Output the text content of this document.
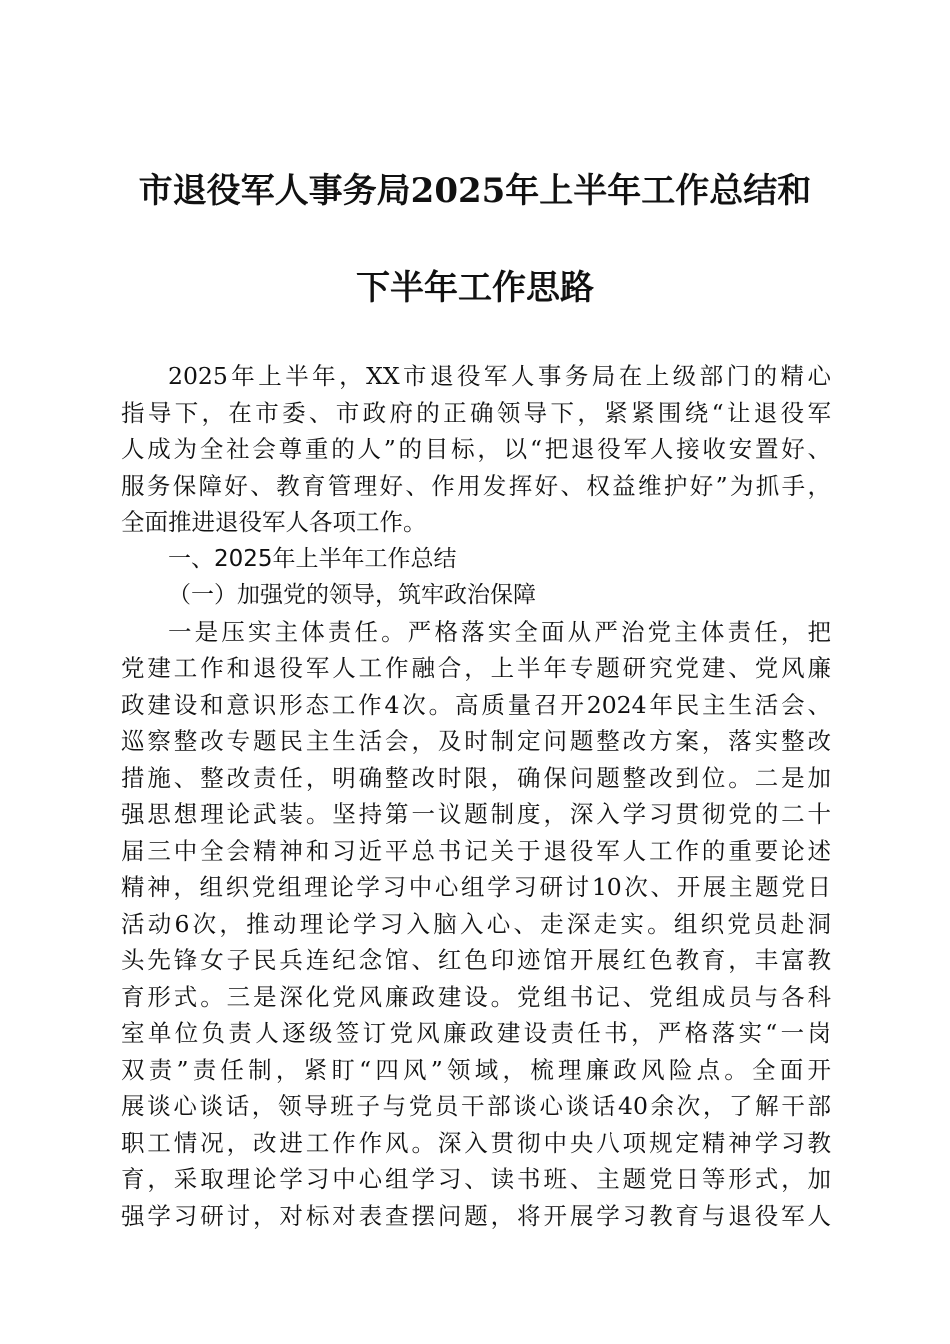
市退役军人事务局2025年上半年工作总结和
下半年工作思路
2025年上半年，XX市退役军人事务局在上级部门的精心
指导下，在市委、市政府的正确领导下，紧紧围绕“让退役军
人成为全社会尊重的人”的目标，以“把退役军人接收安置好、
服务保障好、教育管理好、作用发挥好、权益维护好”为抓手，
全面推进退役军人各项工作。
一、2025年上半年工作总结
（一）加强党的领导，筑牢政治保障
一是压实主体责任。严格落实全面从严治党主体责任，把
党建工作和退役军人工作融合，上半年专题研究党建、党风廉
政建设和意识形态工作4次。高质量召开2024年民主生活会、
巡察整改专题民主生活会，及时制定问题整改方案，落实整改
措施、整改责任，明确整改时限，确保问题整改到位。二是加
强思想理论武装。坚持第一议题制度，深入学习贯彻党的二十
届三中全会精神和习近平总书记关于退役军人工作的重要论述
精神，组织党组理论学习中心组学习研讨10次、开展主题党日
活动6次，推动理论学习入脑入心、走深走实。组织党员赴洞
头先锋女子民兵连纪念馆、红色印迹馆开展红色教育，丰富教
育形式。三是深化党风廉政建设。党组书记、党组成员与各科
室单位负责人逐级签订党风廉政建设责任书，严格落实“一岗
双责”责任制，紧盯“四风”领域，梳理廉政风险点。全面开
展谈心谈话，领导班子与党员干部谈心谈话40余次，了解干部
职工情况，改进工作作风。深入贯彻中央八项规定精神学习教
育，采取理论学习中心组学习、读书班、主题党日等形式，加
强学习研讨，对标对表查摆问题，将开展学习教育与退役军人
